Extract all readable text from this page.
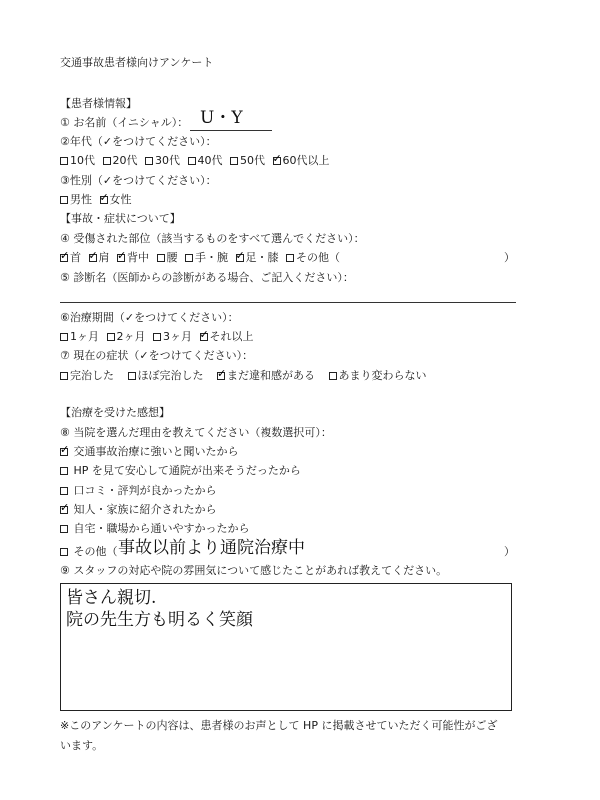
交通事故患者様向けアンケート
【患者様情報】
① お名前（イニシャル）： U・Y
②年代（✓をつけてください）：
10代 20代 30代 40代 50代 ✓ 60代以上
③性別（✓をつけてください）：
男性 ✓ 女性
【事故・症状について】
④ 受傷された部位（該当するものをすべて選んでください）：
✓首 ✓ 肩 ✓ 背中 腰 手・腕 ✓ 足・膝 その他（	）
⑤ 診断名（医師からの診断がある場合、ご記入ください）：
⑥治療期間（✓をつけてください）：
1ヶ月 2ヶ月 3ヶ月 ✓ それ以上
⑦ 現在の症状（✓をつけてください）：
完治した ほぼ完治した ✓ まだ違和感がある あまり変わらない
【治療を受けた感想】
⑧ 当院を選んだ理由を教えてください（複数選択可）：
✓ 交通事故治療に強いと聞いたから
HP を見て安心して通院が出来そうだったから
口コミ・評判が良かったから
✓ 知人・家族に紹介されたから
自宅・職場から通いやすかったから
その他（ 事故以前より通院治療中	）
⑨ スタッフの対応や院の雰囲気について感じたことがあれば教えてください。
皆さん親切.
院の先生方も明るく笑顔
※このアンケートの内容は、患者様のお声として HP に掲載させていただく可能性がござ
います。
